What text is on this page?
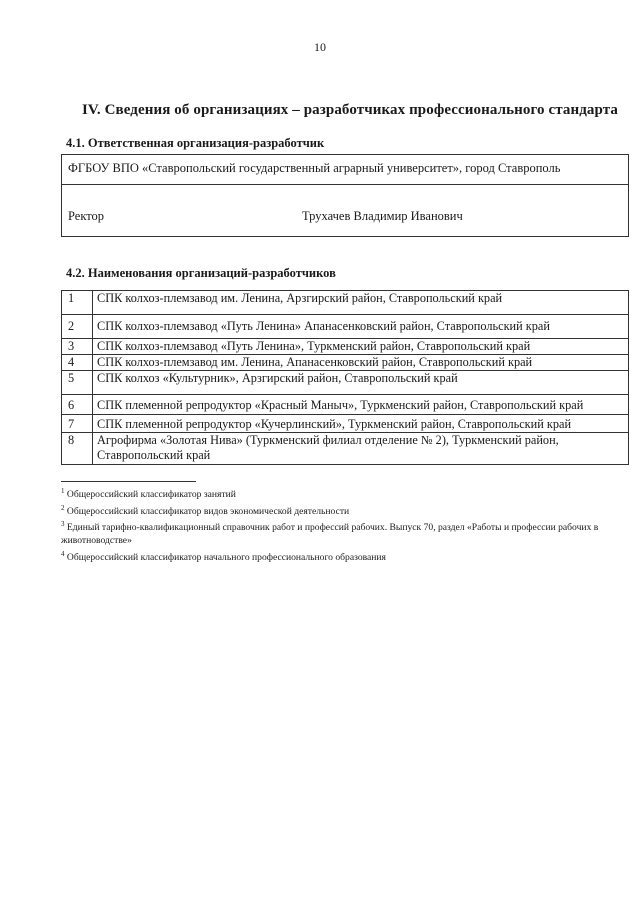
10
IV. Сведения об организациях – разработчиках профессионального стандарта
4.1. Ответственная организация-разработчик
ФГБОУ ВПО «Ставропольский государственный аграрный университет», город Ставрополь
Ректор	Трухачев Владимир Иванович
4.2. Наименования организаций-разработчиков
1	СПК колхоз-племзавод им. Ленина, Арзгирский район, Ставропольский край
2	СПК колхоз-племзавод «Путь Ленина» Апанасенковский район, Ставропольский край
3	СПК колхоз-племзавод «Путь Ленина», Туркменский район, Ставропольский край
4	СПК колхоз-племзавод им. Ленина, Апанасенковский район, Ставропольский край
5	СПК колхоз «Культурник», Арзгирский район, Ставропольский край
6	СПК племенной репродуктор «Красный Маныч», Туркменский район, Ставропольский край
7	СПК племенной репродуктор «Кучерлинский», Туркменский район, Ставропольский край
8	Агрофирма «Золотая Нива» (Туркменский филиал отделение № 2), Туркменский район, Ставропольский край
$^1$ Общероссийский классификатор занятий
$^2$ Общероссийский классификатор видов экономической деятельности
$^3$ Единый тарифно-квалификационный справочник работ и профессий рабочих. Выпуск 70, раздел «Работы и профессии рабочих в животноводстве»
$^4$ Общероссийский классификатор начального профессионального образования
